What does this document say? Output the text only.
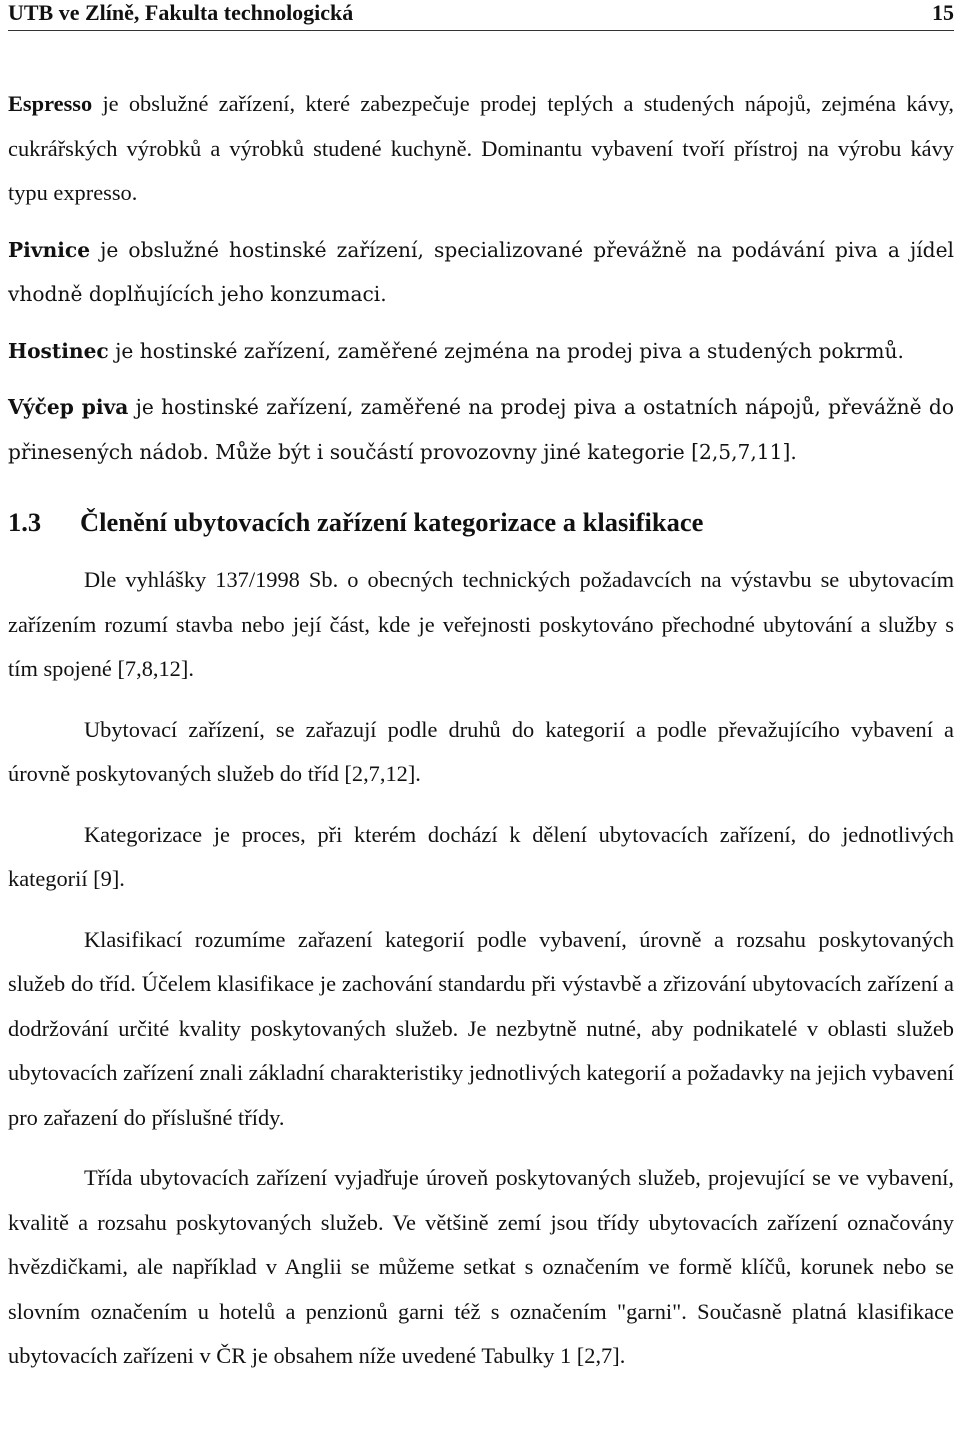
UTB ve Zlíně, Fakulta technologická	15

Espresso je obslužné zařízení, které zabezpečuje prodej teplých a studených nápojů, zejména kávy, cukrářských výrobků a výrobků studené kuchyně. Dominantu vybavení tvoří přístroj na výrobu kávy typu expresso.

Pivnice je obslužné hostinské zařízení, specializované převážně na podávání piva a jídel vhodně doplňujících jeho konzumaci.

Hostinec je hostinské zařízení, zaměřené zejména na prodej piva a studených pokrmů.

Výčep piva je hostinské zařízení, zaměřené na prodej piva a ostatních nápojů, převážně do přinesených nádob. Může být i součástí provozovny jiné kategorie [2,5,7,11].

1.3 Členění ubytovacích zařízení kategorizace a klasifikace

Dle vyhlášky 137/1998 Sb. o obecných technických požadavcích na výstavbu se ubytovacím zařízením rozumí stavba nebo její část, kde je veřejnosti poskytováno přechodné ubytování a služby s tím spojené [7,8,12].

Ubytovací zařízení, se zařazují podle druhů do kategorií a podle převažujícího vybavení a úrovně poskytovaných služeb do tříd [2,7,12].

Kategorizace je proces, při kterém dochází k dělení ubytovacích zařízení, do jednotlivých kategorií [9].

Klasifikací rozumíme zařazení kategorií podle vybavení, úrovně a rozsahu poskytovaných služeb do tříd. Účelem klasifikace je zachování standardu při výstavbě a zřizování ubytovacích zařízení a dodržování určité kvality poskytovaných služeb. Je nezbytně nutné, aby podnikatelé v oblasti služeb ubytovacích zařízení znali základní charakteristiky jednotlivých kategorií a požadavky na jejich vybavení pro zařazení do příslušné třídy.

Třída ubytovacích zařízení vyjadřuje úroveň poskytovaných služeb, projevující se ve vybavení, kvalitě a rozsahu poskytovaných služeb. Ve většině zemí jsou třídy ubytovacích zařízení označovány hvězdičkami, ale například v Anglii se můžeme setkat s označením ve formě klíčů, korunek nebo se slovním označením u hotelů a penzionů garni též s označením "garni". Současně platná klasifikace ubytovacích zařízeni v ČR je obsahem níže uvedené Tabulky 1 [2,7].
